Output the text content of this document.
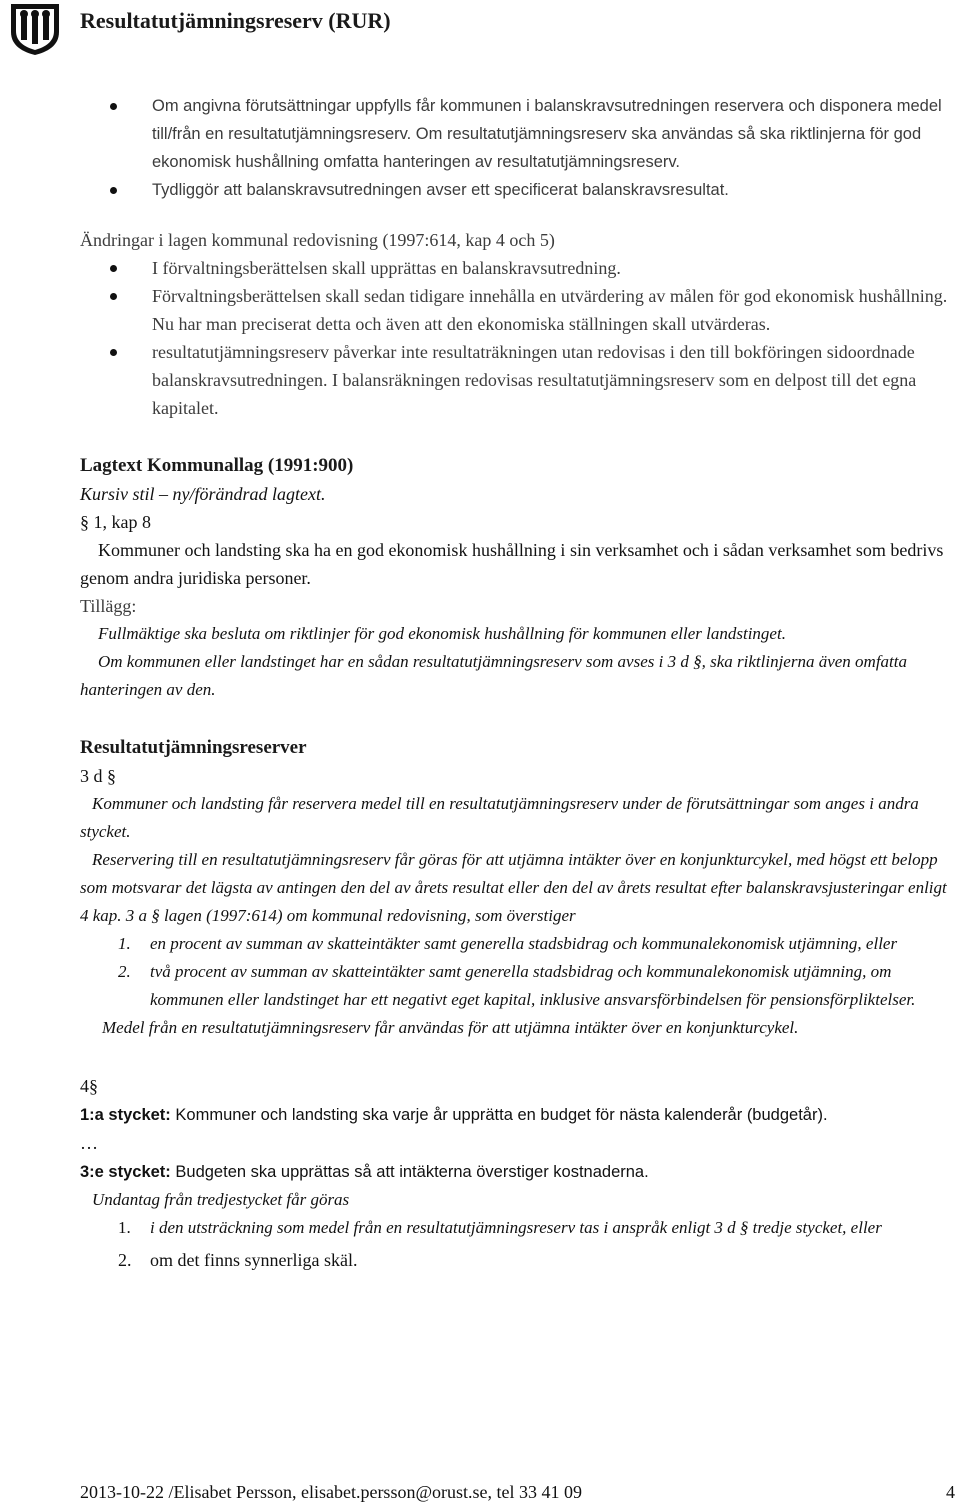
Resultatutjämningsreserv (RUR)
Om angivna förutsättningar uppfylls får kommunen i balanskravsutredningen reservera och disponera medel till/från en resultatutjämningsreserv. Om resultatutjämningsreserv ska användas så ska riktlinjerna för god ekonomisk hushållning omfatta hanteringen av resultatutjämningsreserv.
Tydliggör att balanskravsutredningen avser ett specificerat balanskravsresultat.
Ändringar i lagen kommunal redovisning (1997:614, kap 4 och 5)
I förvaltningsberättelsen skall upprättas en balanskravsutredning.
Förvaltningsberättelsen skall sedan tidigare innehålla en utvärdering av målen för god ekonomisk hushållning. Nu har man preciserat detta och även att den ekonomiska ställningen skall utvärderas.
resultatutjämningsreserv påverkar inte resultaträkningen utan redovisas i den till bokföringen sidoordnade balanskravsutredningen. I balansräkningen redovisas resultatutjämningsreserv som en delpost till det egna kapitalet.
Lagtext Kommunallag (1991:900)
Kursiv stil – ny/förändrad lagtext.
§ 1, kap 8
Kommuner och landsting ska ha en god ekonomisk hushållning i sin verksamhet och i sådan verksamhet som bedrivs genom andra juridiska personer.
Tillägg:
Fullmäktige ska besluta om riktlinjer för god ekonomisk hushållning för kommunen eller landstinget.
Om kommunen eller landstinget har en sådan resultatutjämningsreserv som avses i 3 d §, ska riktlinjerna även omfatta hanteringen av den.
Resultatutjämningsreserver
3 d §
Kommuner och landsting får reservera medel till en resultatutjämningsreserv under de förutsättningar som anges i andra stycket.
Reservering till en resultatutjämningsreserv får göras för att utjämna intäkter över en konjunkturcykel, med högst ett belopp som motsvarar det lägsta av antingen den del av årets resultat eller den del av årets resultat efter balanskravsjusteringar enligt 4 kap. 3 a § lagen (1997:614) om kommunal redovisning, som överstiger
1. en procent av summan av skatteintäkter samt generella stadsbidrag och kommunalekonomisk utjämning, eller
2. två procent av summan av skatteintäkter samt generella stadsbidrag och kommunalekonomisk utjämning, om kommunen eller landstinget har ett negativt eget kapital, inklusive ansvarsförbindelsen för pensionsförpliktelser.
Medel från en resultatutjämningsreserv får användas för att utjämna intäkter över en konjunkturcykel.
4§
1:a stycket: Kommuner och landsting ska varje år upprätta en budget för nästa kalenderår (budgetår).
…
3:e stycket: Budgeten ska upprättas så att intäkterna överstiger kostnaderna.
Undantag från tredjestycket får göras
1. i den utsträckning som medel från en resultatutjämningsreserv tas i anspråk enligt 3 d § tredje stycket, eller
2. om det finns synnerliga skäl.
2013-10-22 /Elisabet Persson, elisabet.persson@orust.se, tel 33 41 09	4
